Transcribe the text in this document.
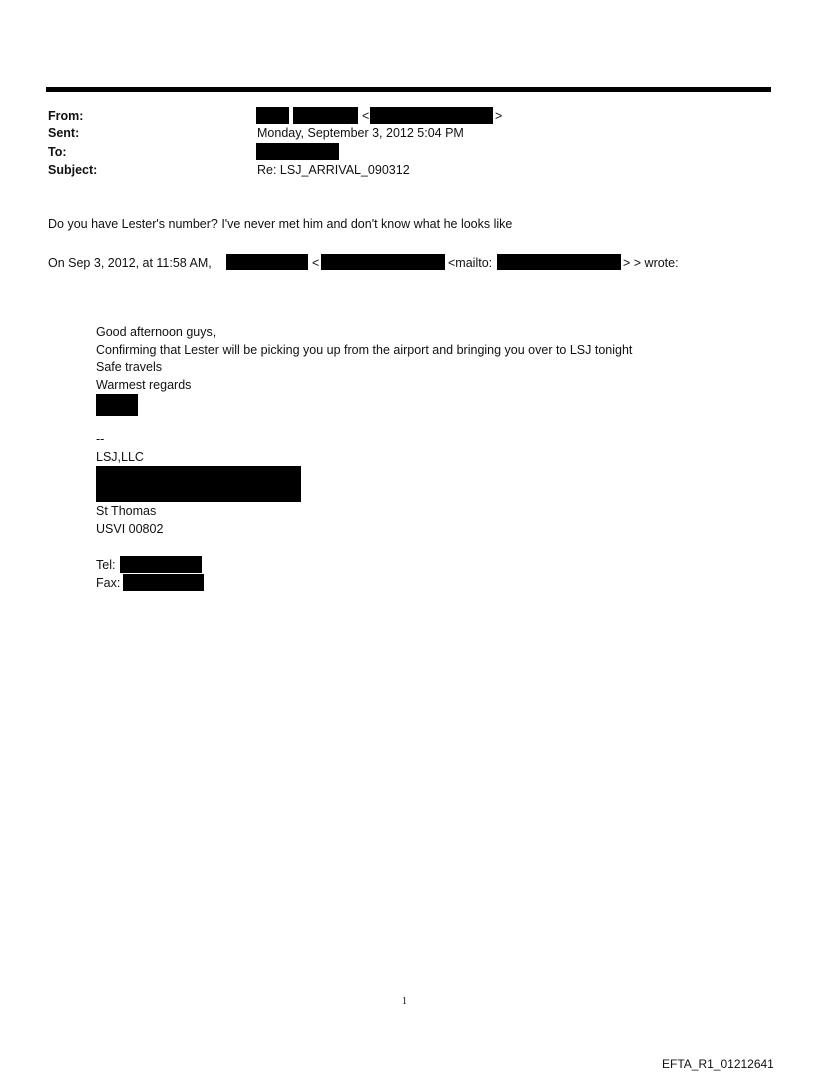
From:	<	>
Sent:	Monday, September 3, 2012 5:04 PM
To:
Subject:	Re: LSJ_ARRIVAL_090312
Do you have Lester's number? I've never met him and don't know what he looks like
On Sep 3, 2012, at 11:58 AM,	<	<mailto:	> > wrote:
Good afternoon guys,
Confirming that Lester will be picking you up from the airport and bringing you over to LSJ tonight
Safe travels
Warmest regards
--
LSJ,LLC
St Thomas
USVI 00802
Tel:
Fax:
1
EFTA_R1_01212641
